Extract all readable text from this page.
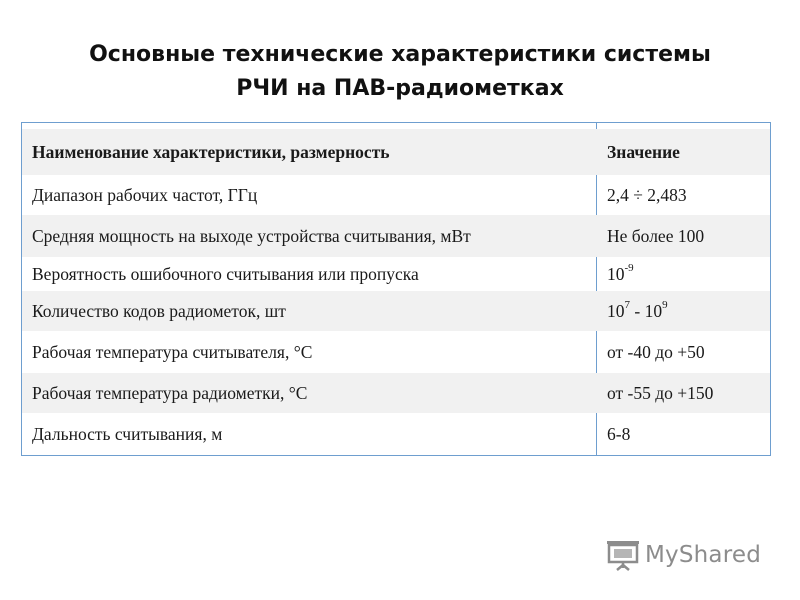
Основные технические характеристики системы
РЧИ на ПАВ-радиометках
Наименование характеристики, размерность	Значение
Диапазон рабочих частот, ГГц	2,4 ÷ 2,483
Средняя мощность на выходе устройства считывания, мВт	Не более 100
Вероятность ошибочного считывания или пропуска	$10^{-9}$
Количество кодов радиометок, шт	$10^7 - 10^9$
Рабочая температура считывателя, °С	от -40 до +50
Рабочая температура радиометки, °С	от -55 до +150
Дальность считывания, м	6-8
MyShared
